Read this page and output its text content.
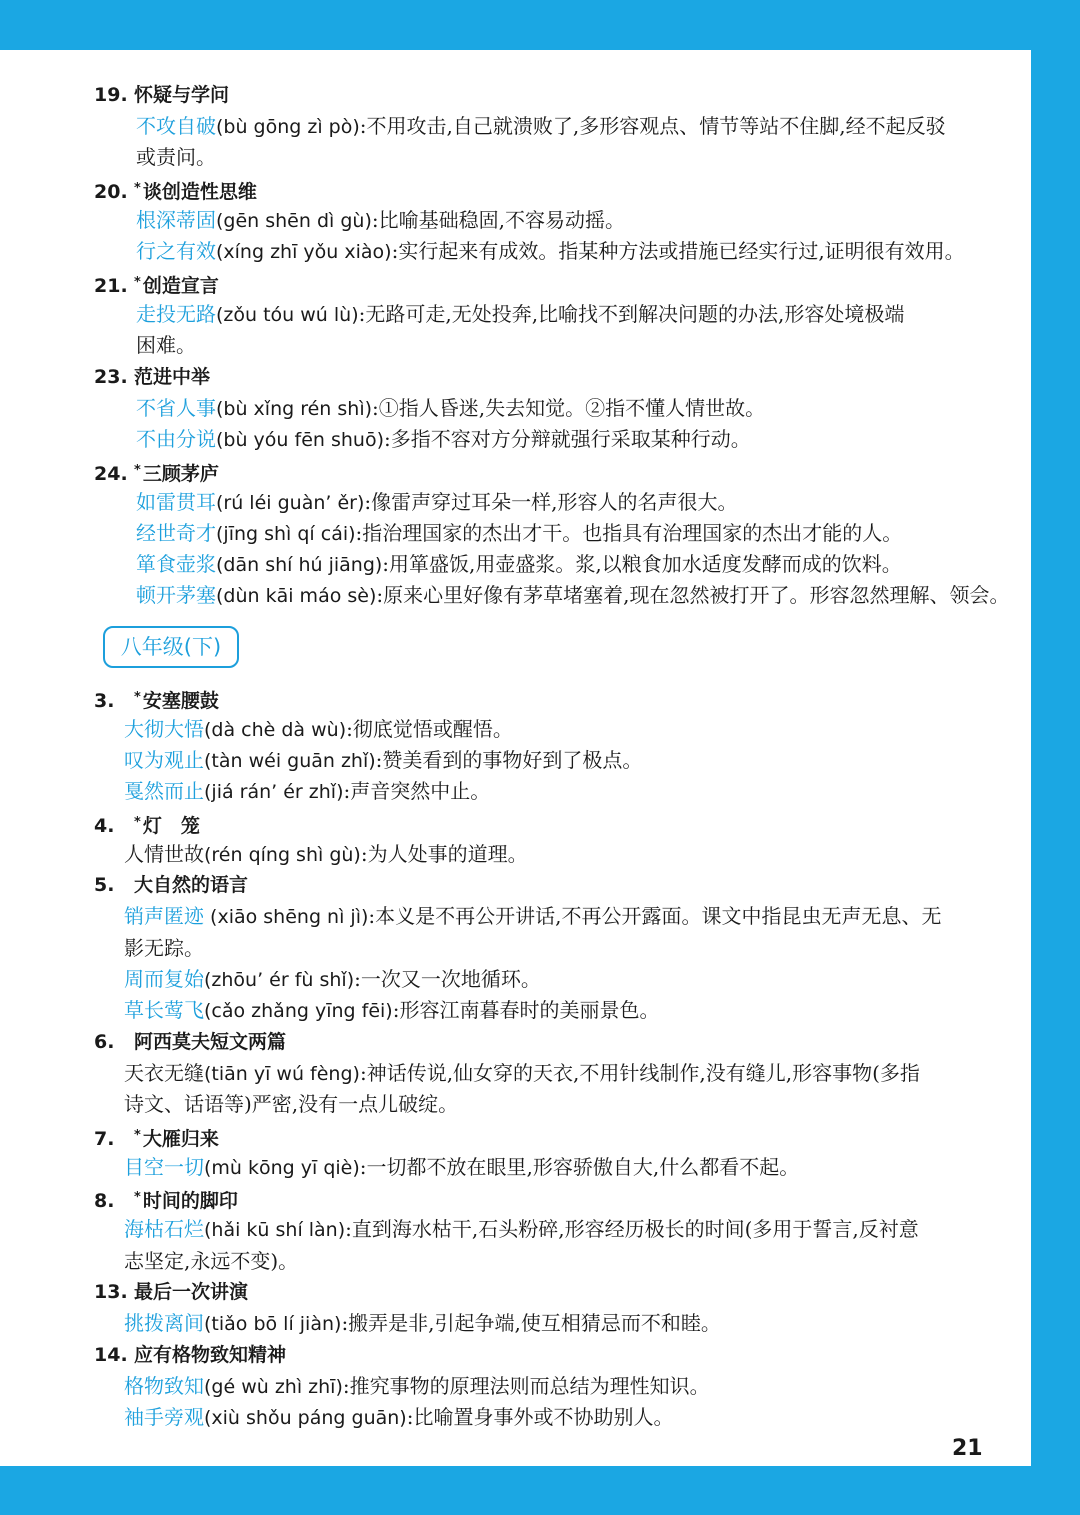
19. 怀疑与学问
不攻自破(bù gōng zì pò):不用攻击,自己就溃败了,多形容观点、情节等站不住脚,经不起反驳
或责问。
20. * 谈创造性思维
根深蒂固(gēn shēn dì gù):比喻基础稳固,不容易动摇。
行之有效(xíng zhī yǒu xiào):实行起来有成效。指某种方法或措施已经实行过,证明很有效用。
21. * 创造宣言
走投无路(zǒu tóu wú lù):无路可走,无处投奔,比喻找不到解决问题的办法,形容处境极端
困难。
23. 范进中举
不省人事(bù xǐng rén shì):①指人昏迷,失去知觉。②指不懂人情世故。
不由分说(bù yóu fēn shuō):多指不容对方分辩就强行采取某种行动。
24. * 三顾茅庐
如雷贯耳(rú léi guàn’ ěr):像雷声穿过耳朵一样,形容人的名声很大。
经世奇才(jīng shì qí cái):指治理国家的杰出才干。也指具有治理国家的杰出才能的人。
箪食壶浆(dān shí hú jiāng):用箪盛饭,用壶盛浆。浆,以粮食加水适度发酵而成的饮料。
顿开茅塞(dùn kāi máo sè):原来心里好像有茅草堵塞着,现在忽然被打开了。形容忽然理解、领会。
3. * 安塞腰鼓
大彻大悟(dà chè dà wù):彻底觉悟或醒悟。
叹为观止(tàn wéi guān zhǐ):赞美看到的事物好到了极点。
戛然而止(jiá rán’ ér zhǐ):声音突然中止。
4. * 灯　笼
人情世故(rén qíng shì gù):为人处事的道理。
5. 大自然的语言
销声匿迹 (xiāo shēng nì jì):本义是不再公开讲话,不再公开露面。课文中指昆虫无声无息、无
影无踪。
周而复始(zhōu’ ér fù shǐ):一次又一次地循环。
草长莺飞(cǎo zhǎng yīng fēi):形容江南暮春时的美丽景色。
6. 阿西莫夫短文两篇
天衣无缝(tiān yī wú fèng):神话传说,仙女穿的天衣,不用针线制作,没有缝儿,形容事物(多指
诗文、话语等)严密,没有一点儿破绽。
7. * 大雁归来
目空一切(mù kōng yī qiè):一切都不放在眼里,形容骄傲自大,什么都看不起。
8. * 时间的脚印
海枯石烂(hǎi kū shí làn):直到海水枯干,石头粉碎,形容经历极长的时间(多用于誓言,反衬意
志坚定,永远不变)。
13. 最后一次讲演
挑拨离间(tiǎo bō lí jiàn):搬弄是非,引起争端,使互相猜忌而不和睦。
14. 应有格物致知精神
格物致知(gé wù zhì zhī):推究事物的原理法则而总结为理性知识。
袖手旁观(xiù shǒu páng guān):比喻置身事外或不协助别人。
八年级(下)
21
